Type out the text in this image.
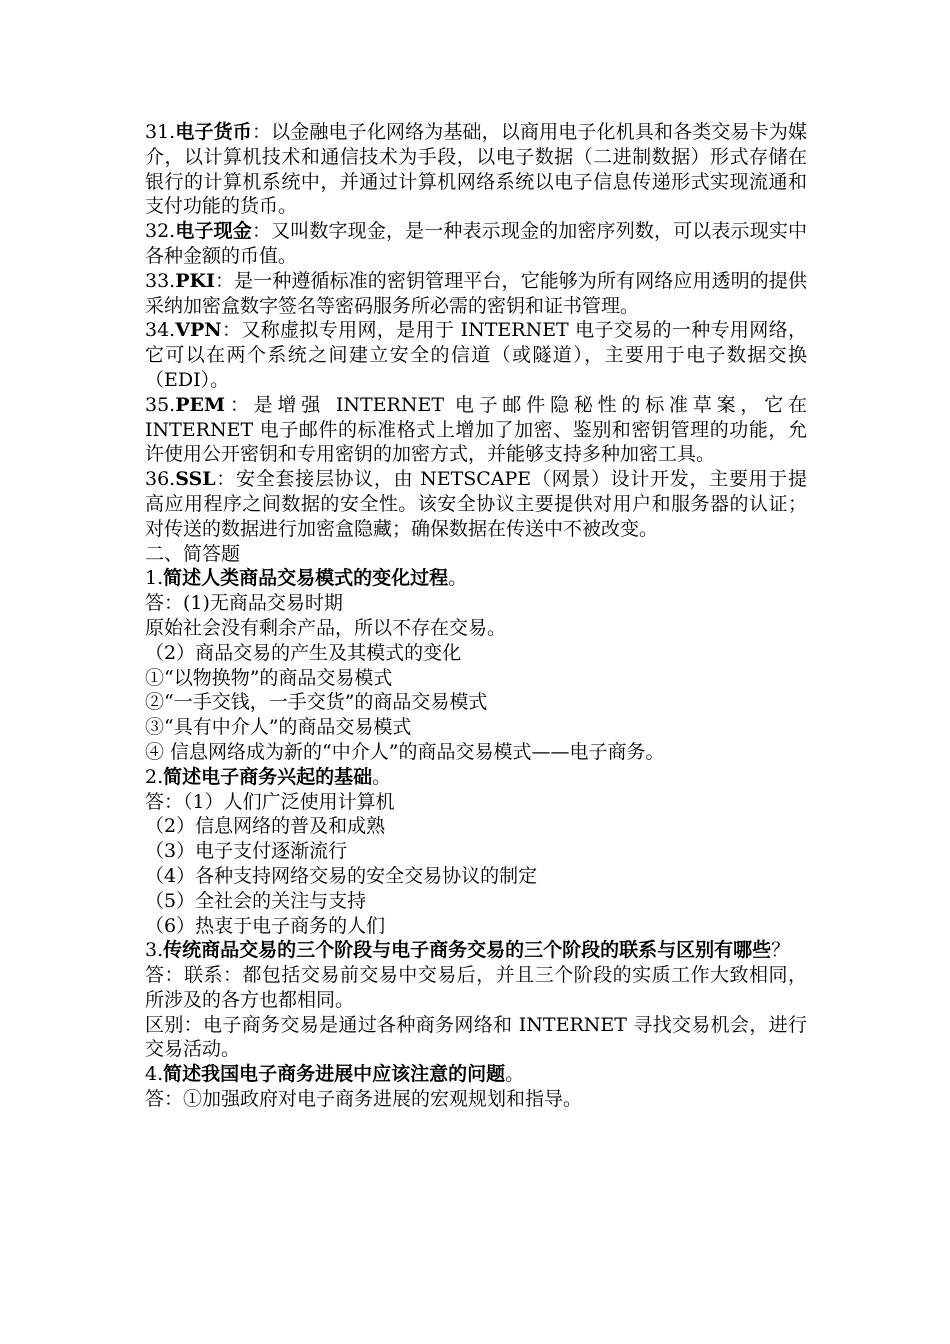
31.电子货币：以金融电子化网络为基础，以商用电子化机具和各类交易卡为媒介，以计算机技术和通信技术为手段，以电子数据（二进制数据）形式存储在银行的计算机系统中，并通过计算机网络系统以电子信息传递形式实现流通和支付功能的货币。

32.电子现金：又叫数字现金，是一种表示现金的加密序列数，可以表示现实中各种金额的币值。

33.PKI：是一种遵循标准的密钥管理平台，它能够为所有网络应用透明的提供采纳加密盒数字签名等密码服务所必需的密钥和证书管理。

34.VPN：又称虚拟专用网，是用于 INTERNET 电子交易的一种专用网络，它可以在两个系统之间建立安全的信道（或隧道），主要用于电子数据交换（EDI）。

35.PEM：是增强 INTERNET 电子邮件隐秘性的标准草案，它在 INTERNET 电子邮件的标准格式上增加了加密、鉴别和密钥管理的功能，允许使用公开密钥和专用密钥的加密方式，并能够支持多种加密工具。

36.SSL：安全套接层协议，由 NETSCAPE（网景）设计开发，主要用于提高应用程序之间数据的安全性。该安全协议主要提供对用户和服务器的认证；对传送的数据进行加密盒隐藏；确保数据在传送中不被改变。

二、简答题

1.简述人类商品交易模式的变化过程。

答：(1)无商品交易时期

原始社会没有剩余产品，所以不存在交易。

（2）商品交易的产生及其模式的变化

①“以物换物”的商品交易模式

②“一手交钱，一手交货”的商品交易模式

③“具有中介人”的商品交易模式

④ 信息网络成为新的“中介人”的商品交易模式——电子商务。

2.简述电子商务兴起的基础。

答：（1）人们广泛使用计算机

（2）信息网络的普及和成熟

（3）电子支付逐渐流行

（4）各种支持网络交易的安全交易协议的制定

（5）全社会的关注与支持

（6）热衷于电子商务的人们

3.传统商品交易的三个阶段与电子商务交易的三个阶段的联系与区别有哪些？

答：联系：都包括交易前交易中交易后，并且三个阶段的实质工作大致相同，所涉及的各方也都相同。

区别：电子商务交易是通过各种商务网络和 INTERNET 寻找交易机会，进行交易活动。

4.简述我国电子商务进展中应该注意的问题。

答：①加强政府对电子商务进展的宏观规划和指导。
